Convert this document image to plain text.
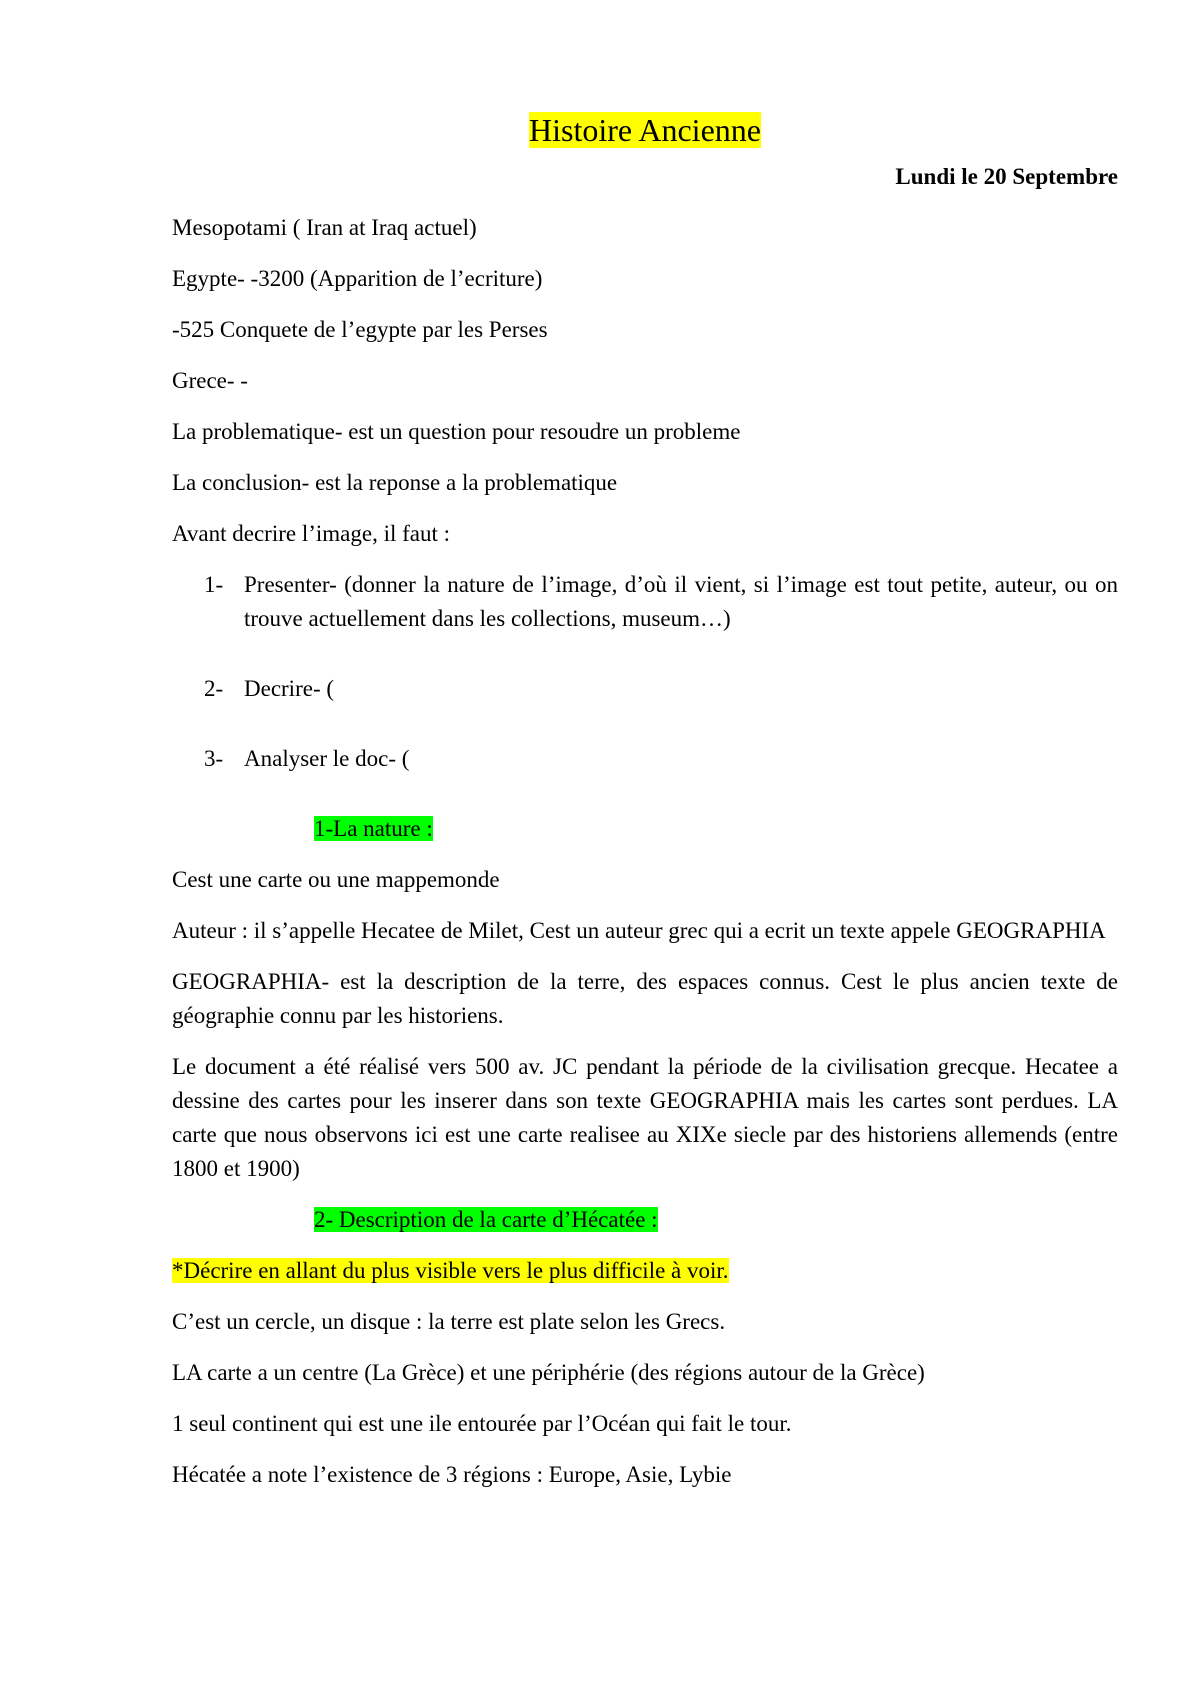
Histoire Ancienne
Lundi le 20 Septembre

Mesopotami ( Iran at Iraq actuel)

Egypte- -3200 (Apparition de l’ecriture)

-525 Conquete de l’egypte par les Perses

Grece- -

La problematique- est un question pour resoudre un probleme

La conclusion- est la reponse a la problematique

Avant decrire l’image, il faut :

1- Presenter- (donner la nature de l’image, d’où il vient, si l’image est tout petite, auteur, ou on trouve actuellement dans les collections, museum…)
2- Decrire- (
3- Analyser le doc- (
1-La nature :

Cest une carte ou une mappemonde

Auteur : il s’appelle Hecatee de Milet, Cest un auteur grec qui a ecrit un texte appele GEOGRAPHIA

GEOGRAPHIA- est la description de la terre, des espaces connus. Cest le plus ancien texte de géographie connu par les historiens.

Le document a été réalisé vers 500 av. JC pendant la période de la civilisation grecque. Hecatee a dessine des cartes pour les inserer dans son texte GEOGRAPHIA mais les cartes sont perdues. LA carte que nous observons ici est une carte realisee au XIXe siecle par des historiens allemends (entre 1800 et 1900)

2- Description de la carte d’Hécatée :

*Décrire en allant du plus visible vers le plus difficile à voir.

C’est un cercle, un disque : la terre est plate selon les Grecs.

LA carte a un centre (La Grèce) et une périphérie (des régions autour de la Grèce)

1 seul continent qui est une ile entourée par l’Océan qui fait le tour.

Hécatée a note l’existence de 3 régions : Europe, Asie, Lybie
